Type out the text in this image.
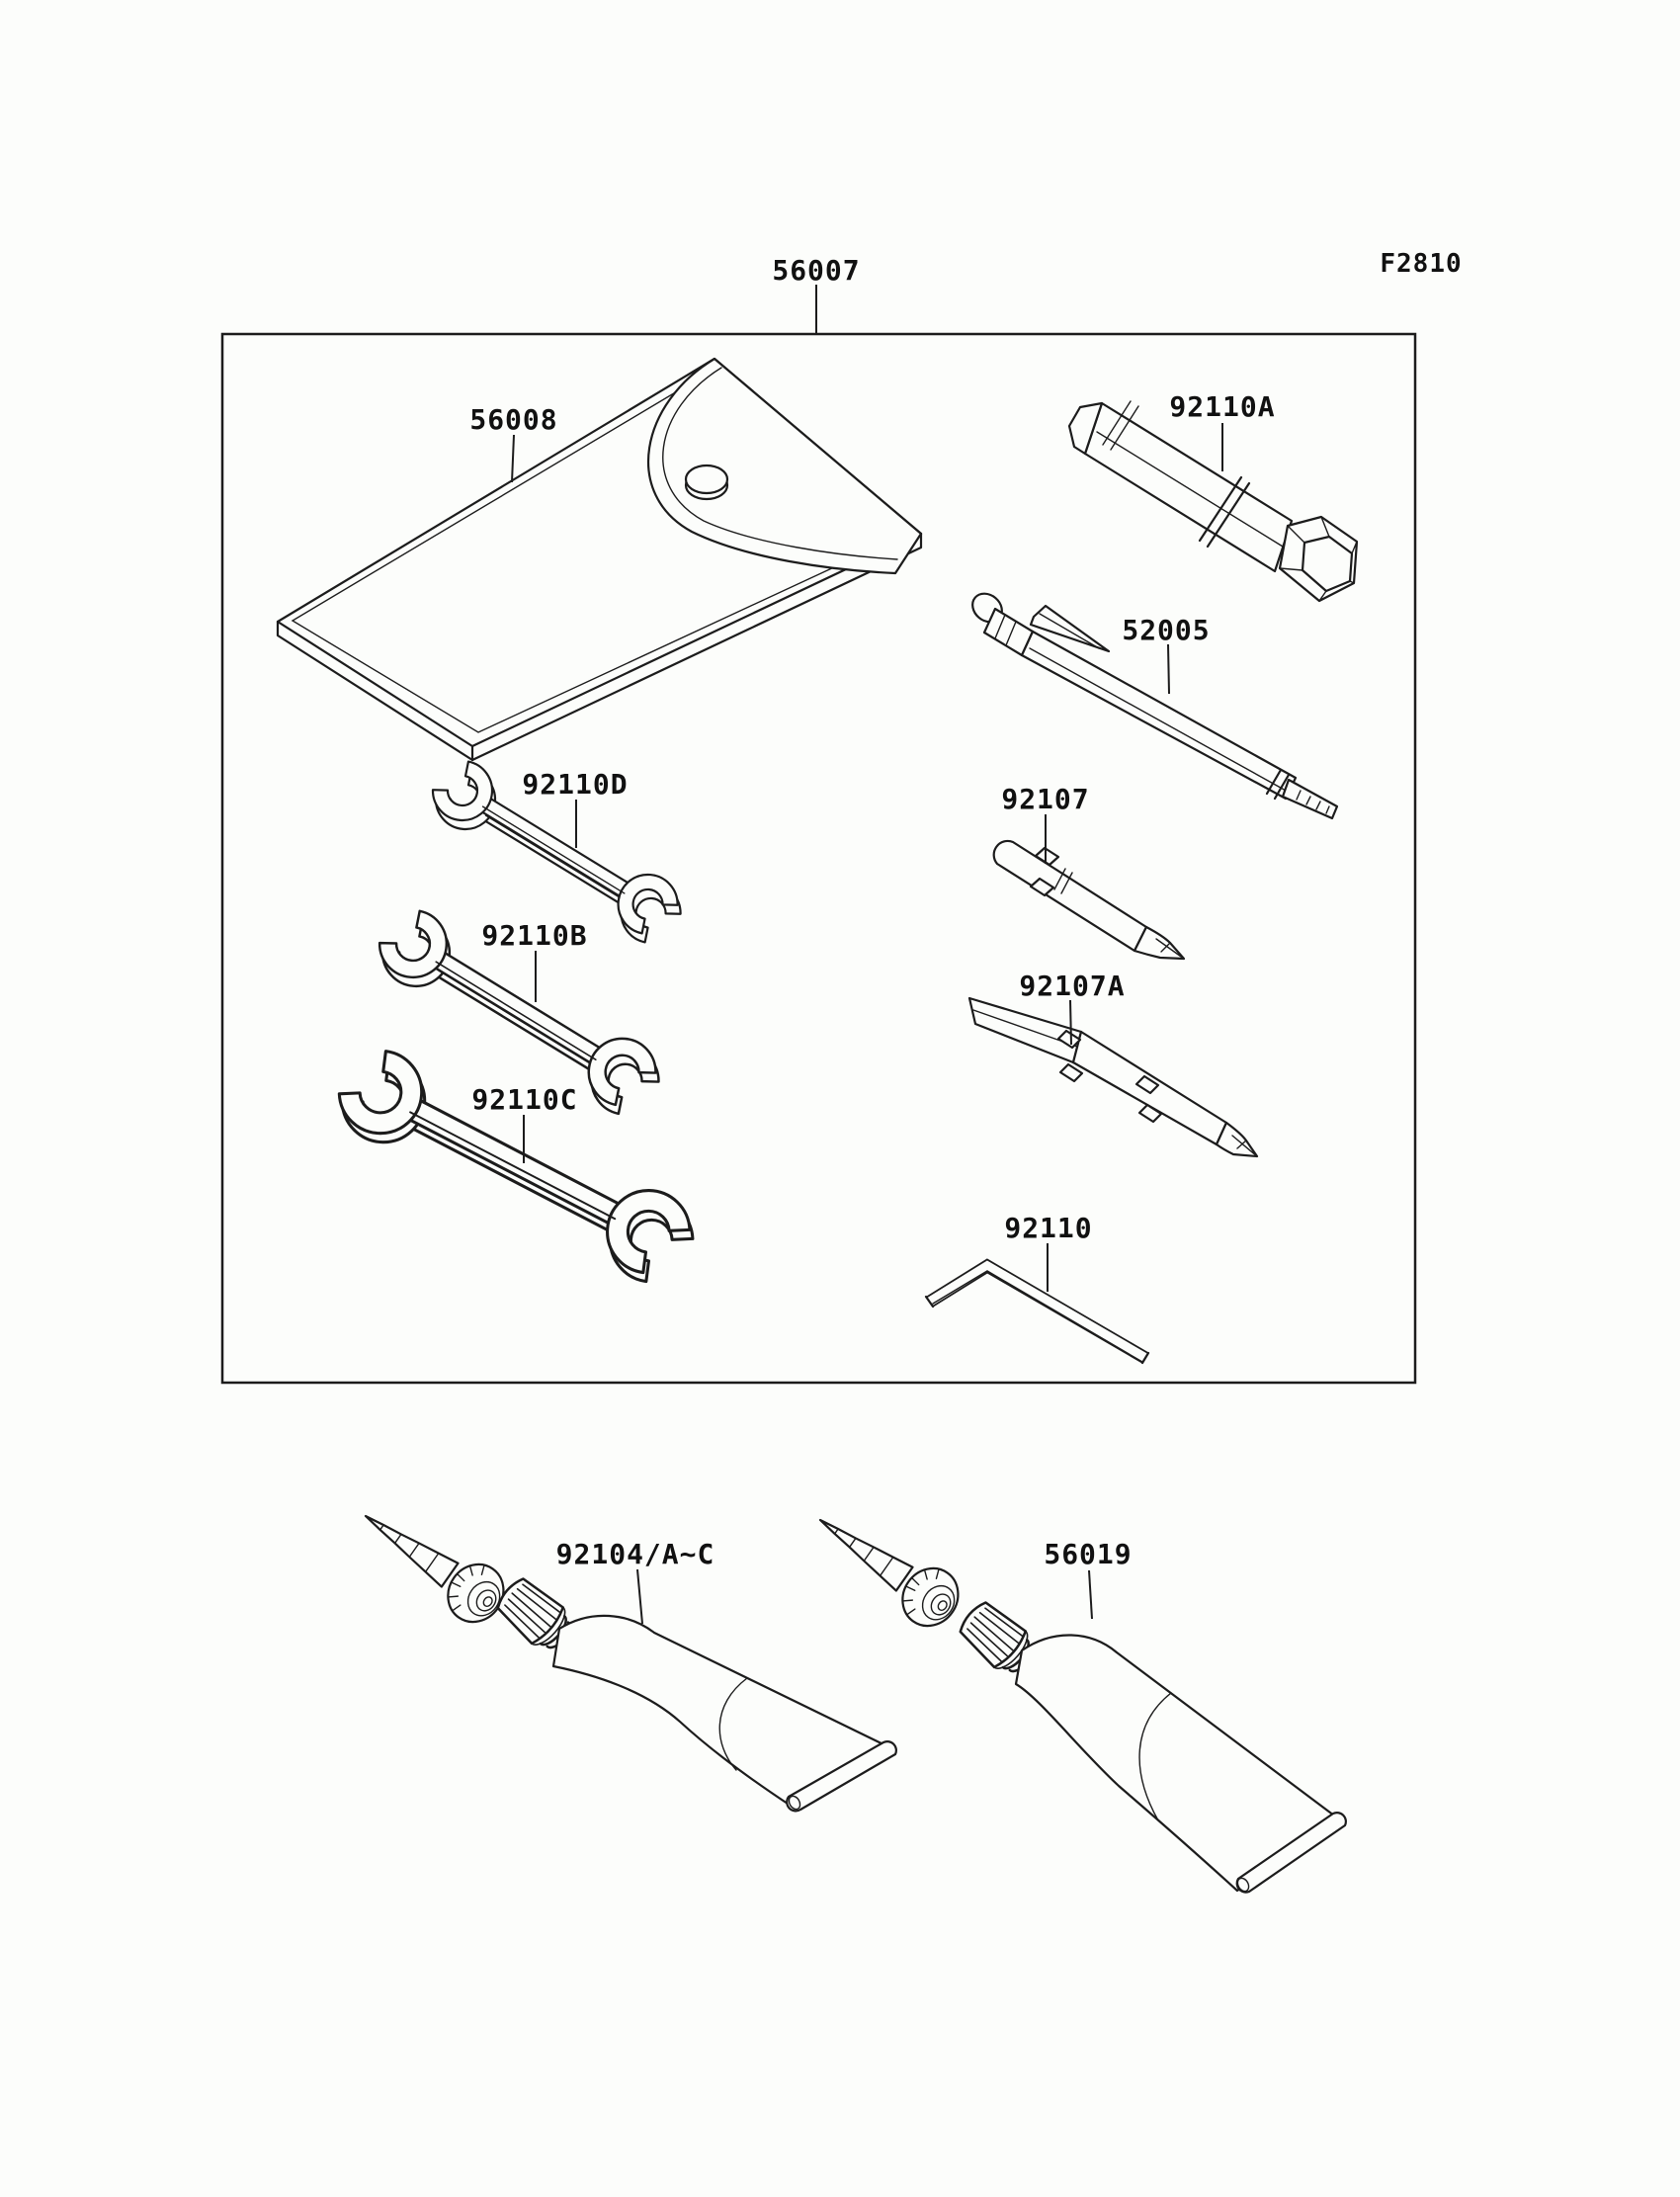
56007	F2810
56008	92110A
52005
92110D
92110B
92110C
92107
92107A
92110
92104/A~C	56019
